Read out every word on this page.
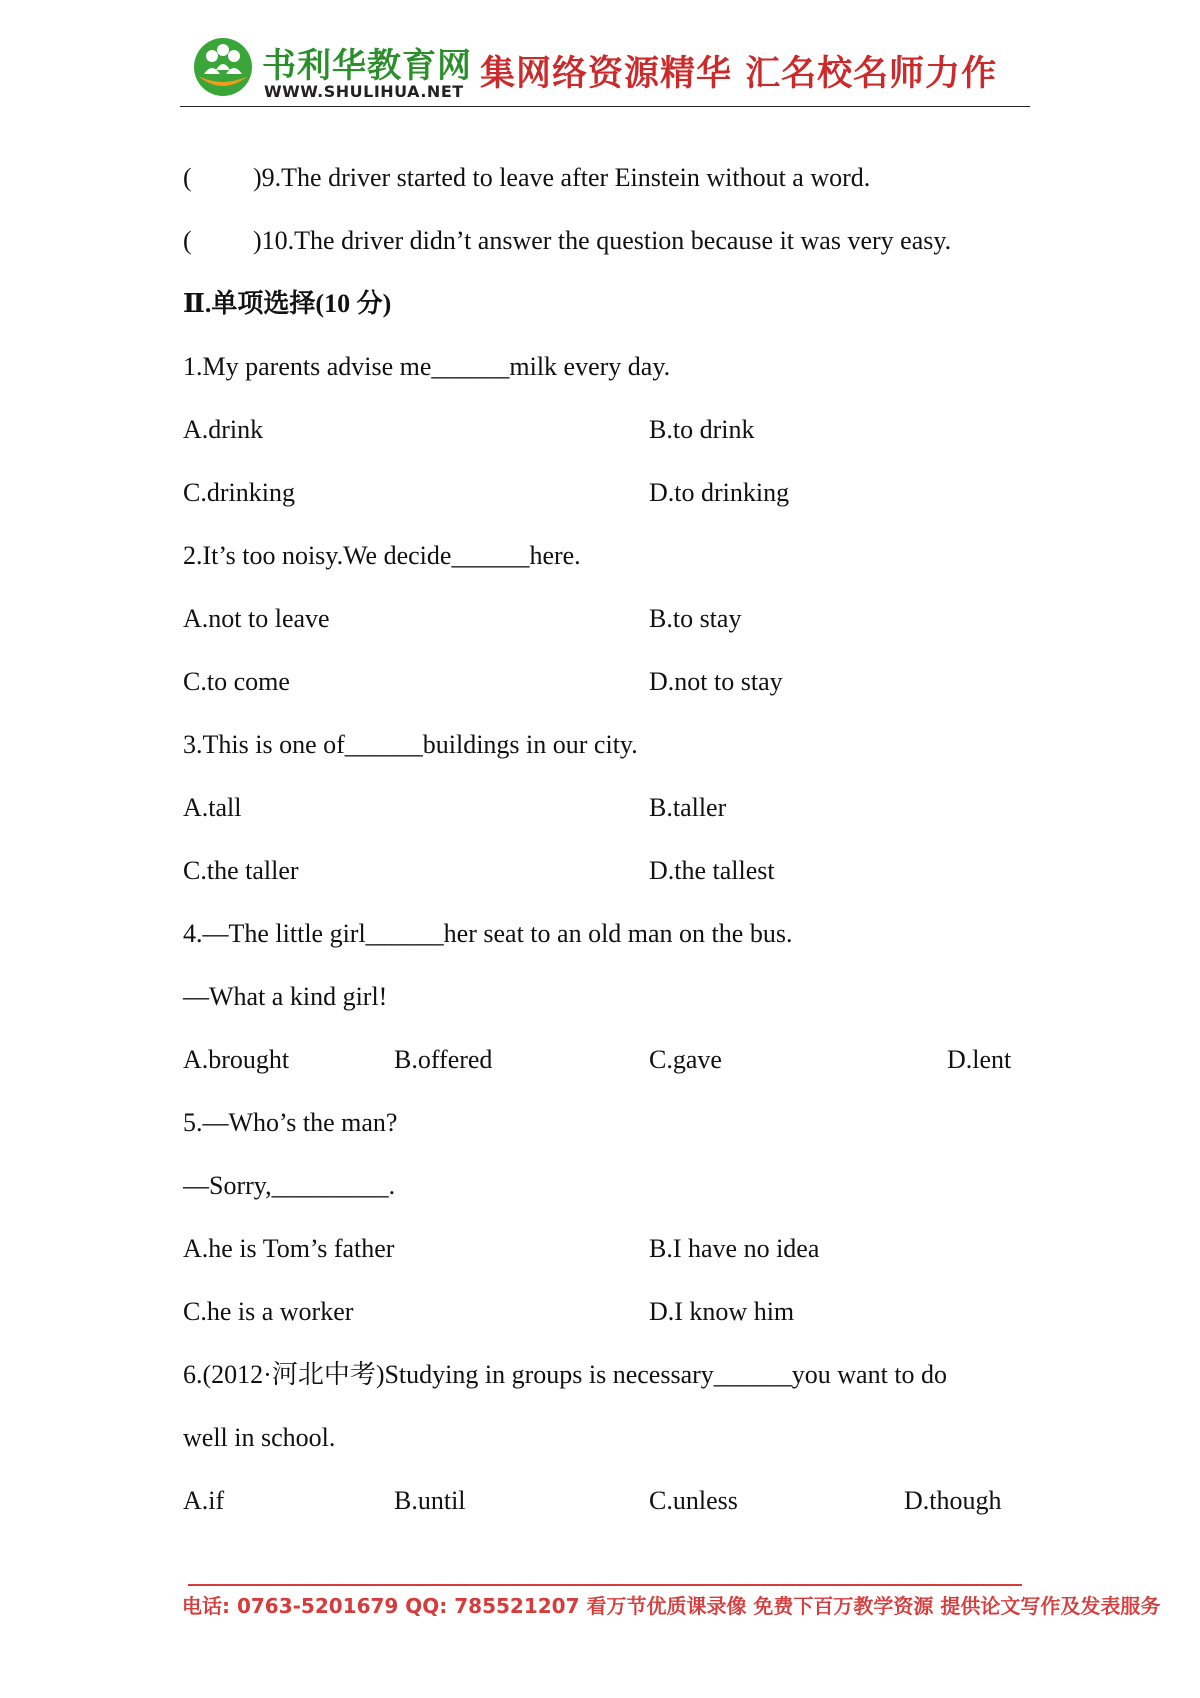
书利华教育网
WWW.SHULIHUA.NET 集网络资源精华 汇名校名师力作
( )9.The driver started to leave after Einstein without a word.
( )10.The driver didn’t answer the question because it was very easy.
Ⅱ.单项选择(10 分)
1.My parents advise me______milk every day.
A.drink	B.to drink
C.drinking	D.to drinking
2.It’s too noisy.We decide______here.
A.not to leave	B.to stay
C.to come	D.not to stay
3.This is one of______buildings in our city.
A.tall	B.taller
C.the taller	D.the tallest
4.—The little girl______her seat to an old man on the bus.
—What a kind girl!
A.brought	B.offered	C.gave	D.lent
5.—Who’s the man?
—Sorry,_________.
A.he is Tom’s father	B.I have no idea
C.he is a worker	D.I know him
6.(2012·河北中考)Studying in groups is necessary______you want to do
well in school.
A.if	B.until	C.unless	D.though
电话: 0763-5201679 QQ: 785521207 看万节优质课录像 免费下百万教学资源 提供论文写作及发表服务
